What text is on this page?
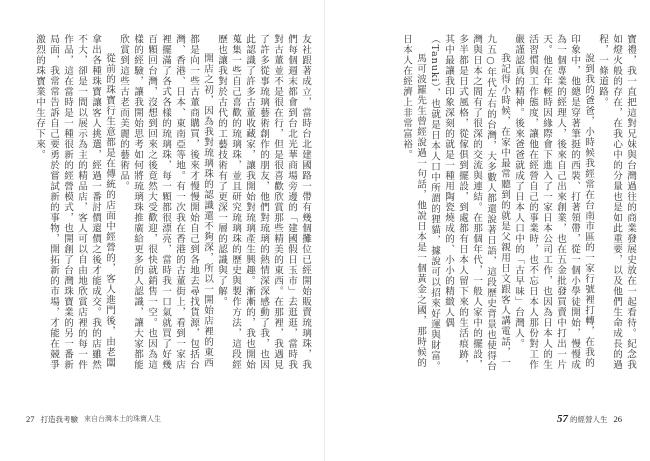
寶禮，我一直把這對兄妹與台灣過往的商業發展史放在一起看待。紀念我如燈火般的存在，在我心中的分量也是如此重要，以及他們生命成長的過程，一條道路。

說到我的爸爸，小時候我經常在台南市區的一家行號裡打轉，在我的印象中，他總是穿著筆挺的西裝、打著領帶，從一個小學徒開始，慢慢成為一個專業的經理人，後來自己出來創業，也在五金批發買賣中打出一片天。他在年輕時因緣際會下進入了一家日本公司工作，也因為日本人的生活習慣與工作態度，讓他在經營自己的事業時，也不忘日本人那份對工作嚴謹認真的精神。後來爸爸就成了日本人口中的「古早味」台灣人。

我記得小時候，在家中最常聽到的就是父親用日文跟客人講電話，一九五○年代左右的台灣，大多數人都還說著日語，這段歷史背景也使得台灣與日本之間有了很深的交流與連結。在那個年代，一般人家中的擺設，多半都是日式風格，從傢俱到擺設，到處都有日本人留下來的生活痕跡，其中最讓我印象深刻的就是一種用陶瓷燒成的、小小的精緻人偶（Tanuki），也就是日本人口中所謂的狸貓，據說可以招來好運與財富。

馬可波羅先生曾經說過一句話，他說日本是一個黃金之國，那時候的日本人在經濟上非常富裕。

57 的經營人生 26

友社跟著成立，當時台北建國路一帶有幾個攤位已經開始販賣琉璃珠，我們每個週末都會到台北光華商場旁邊的「建國假日玉市」去逛逛，當時我對古董並不是很在行，但是很喜歡欣賞那些精美的東西。在那裡，我遇見了許多從事琉璃藝術創作的朋友，他們對琉璃的熱情深深感動了我，也因此認識了許多古董收藏家，讓我開始對琉璃產生興趣。漸漸的，我也開始蒐集一些自己喜歡的琉璃珠，並且研究琉璃珠的歷史與製作方法，這段經歷也讓我對於古代的工藝技術有了更深一層的認識與了解。

開店之初，因為我對琉璃珠的認識還不夠深，所以一開始店裡的東西都是向一些古董商購買，後來才慢慢開始自己到各地去尋找貨源，包括台灣、香港、日本、東南亞等地。有一次我在香港的古董街上，看到一家店裡擺滿了各式各樣的琉璃珠，每一顆都很漂亮，當時我一口氣就買了好幾百顆回台灣，沒想到回來之後竟然大受歡迎，很快就銷售一空。也因為這樣的經驗，讓我開始思考如何將琉璃珠推廣給更多的人認識，讓大家都能欣賞到這些古老而美麗的藝術品。

從前的珠寶行生意都是在傳統的店面中經營的，客人進門後，由老闆拿出各種珠寶讓客人挑選，經過一番討價還價之後才能成交。我的店雖然不大，卻是一間以展示為主的精品店，客人可以自由地欣賞店裡的每一件作品，這在當時是一種很新的經營模式，也開創了台灣珠寶業的另一番新局面，我常常告訴自己要勇於嘗試新的事物，開拓新的市場，才能在競爭激烈的珠寶業中生存下來。

27 打造我考驗 來自台灣本土的珠寶人生
